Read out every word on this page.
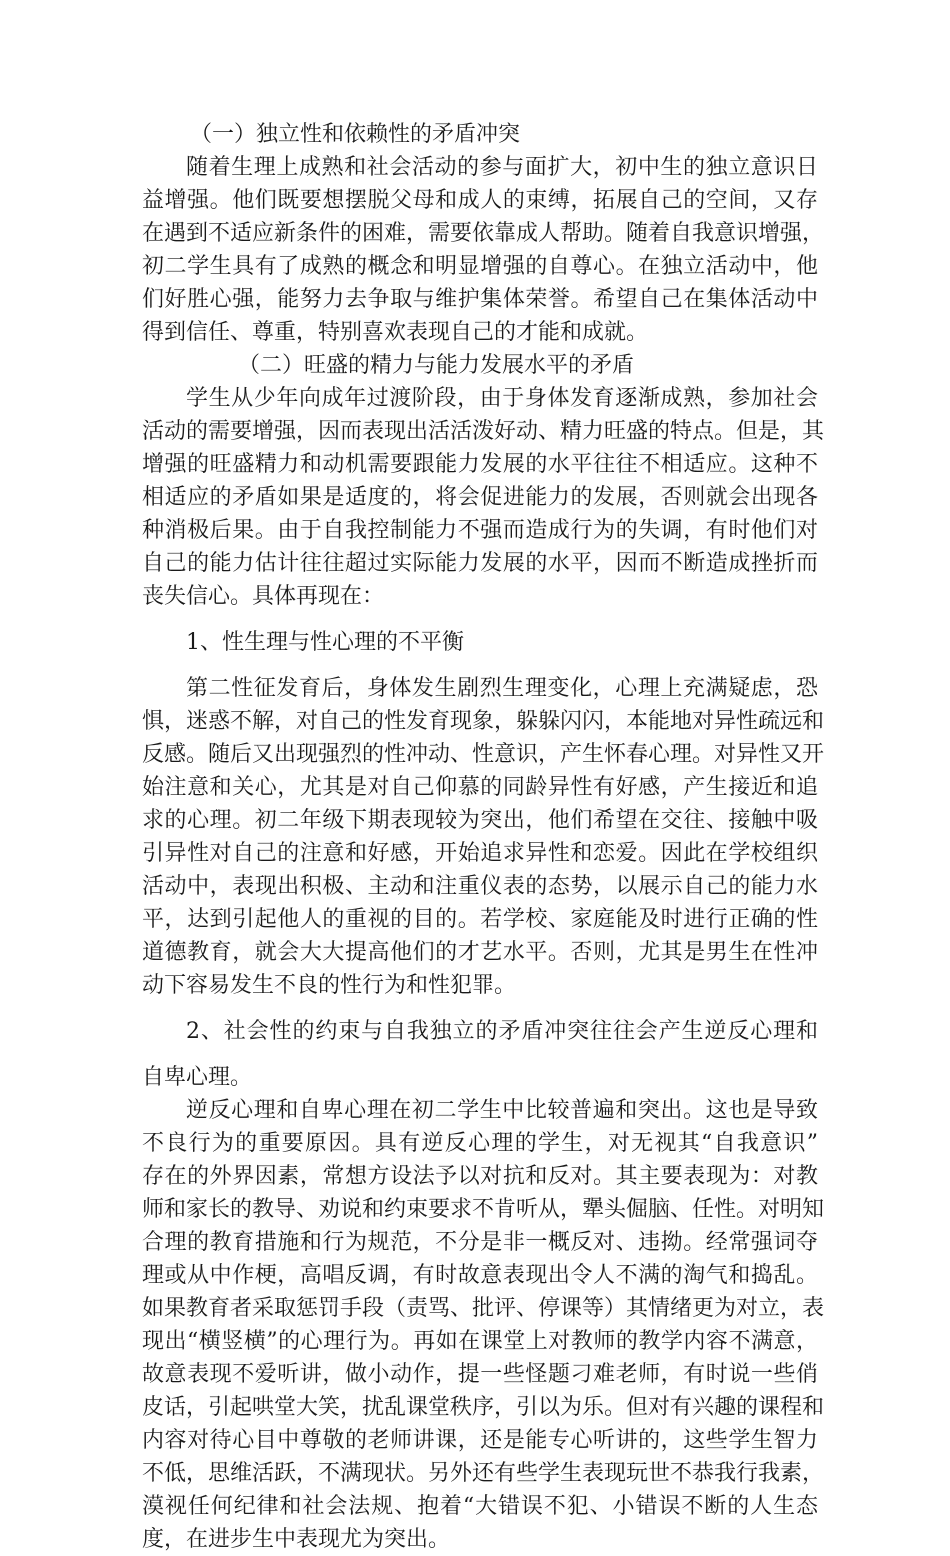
（一）独立性和依赖性的矛盾冲突
随着生理上成熟和社会活动的参与面扩大，初中生的独立意识日
益增强。他们既要想摆脱父母和成人的束缚，拓展自己的空间，又存
在遇到不适应新条件的困难，需要依靠成人帮助。随着自我意识增强，
初二学生具有了成熟的概念和明显增强的自尊心。在独立活动中，他
们好胜心强，能努力去争取与维护集体荣誉。希望自己在集体活动中
得到信任、尊重，特别喜欢表现自己的才能和成就。
（二）旺盛的精力与能力发展水平的矛盾
学生从少年向成年过渡阶段，由于身体发育逐渐成熟，参加社会
活动的需要增强，因而表现出活活泼好动、精力旺盛的特点。但是，其
增强的旺盛精力和动机需要跟能力发展的水平往往不相适应。这种不
相适应的矛盾如果是适度的，将会促进能力的发展，否则就会出现各
种消极后果。由于自我控制能力不强而造成行为的失调，有时他们对
自己的能力估计往往超过实际能力发展的水平，因而不断造成挫折而
丧失信心。具体再现在：
1、性生理与性心理的不平衡
第二性征发育后，身体发生剧烈生理变化，心理上充满疑虑，恐
惧，迷惑不解，对自己的性发育现象，躲躲闪闪，本能地对异性疏远和
反感。随后又出现强烈的性冲动、性意识，产生怀春心理。对异性又开
始注意和关心，尤其是对自己仰慕的同龄异性有好感，产生接近和追
求的心理。初二年级下期表现较为突出，他们希望在交往、接触中吸
引异性对自己的注意和好感，开始追求异性和恋爱。因此在学校组织
活动中，表现出积极、主动和注重仪表的态势，以展示自己的能力水
平，达到引起他人的重视的目的。若学校、家庭能及时进行正确的性
道德教育，就会大大提高他们的才艺水平。否则，尤其是男生在性冲
动下容易发生不良的性行为和性犯罪。
2、社会性的约束与自我独立的矛盾冲突往往会产生逆反心理和
自卑心理。
逆反心理和自卑心理在初二学生中比较普遍和突出。这也是导致
不良行为的重要原因。具有逆反心理的学生，对无视其“自我意识”
存在的外界因素，常想方设法予以对抗和反对。其主要表现为：对教
师和家长的教导、劝说和约束要求不肯听从，犟头倔脑、任性。对明知
合理的教育措施和行为规范，不分是非一概反对、违拗。经常强词夺
理或从中作梗，高唱反调，有时故意表现出令人不满的淘气和捣乱。
如果教育者采取惩罚手段（责骂、批评、停课等）其情绪更为对立，表
现出“横竖横”的心理行为。再如在课堂上对教师的教学内容不满意，
故意表现不爱听讲，做小动作，提一些怪题刁难老师，有时说一些俏
皮话，引起哄堂大笑，扰乱课堂秩序，引以为乐。但对有兴趣的课程和
内容对待心目中尊敬的老师讲课，还是能专心听讲的，这些学生智力
不低，思维活跃，不满现状。另外还有些学生表现玩世不恭我行我素，
漠视任何纪律和社会法规、抱着“大错误不犯、小错误不断的人生态
度，在进步生中表现尤为突出。
